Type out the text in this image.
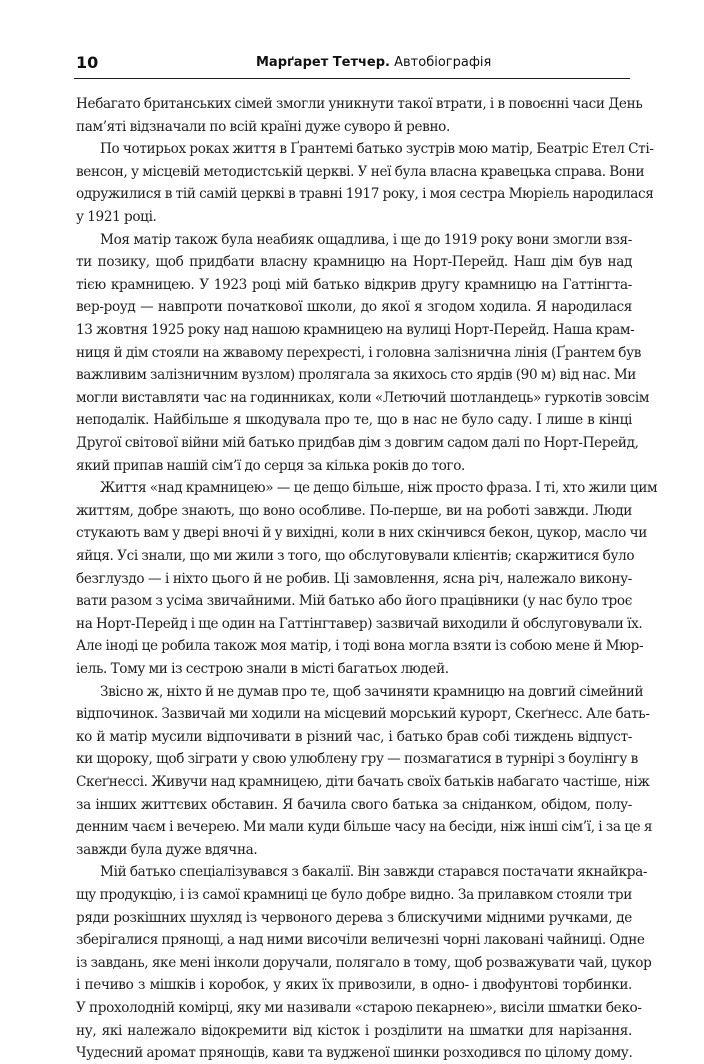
10	Марґарет Тетчер. Автобіографія
Небагато британських сімей змогли уникнути такої втрати, і в повоєнні часи День
пам’яті відзначали по всій країні дуже суворо й ревно.
По чотирьох роках життя в Ґрантемі батько зустрів мою матір, Беатріс Етел Сті-
венсон, у місцевій методистській церкві. У неї була власна кравецька справа. Вони
одружилися в тій самій церкві в травні 1917 року, і моя сестра Мюріель народилася
у 1921 році.
Моя матір також була неабияк ощадлива, і ще до 1919 року вони змогли взя-
ти позику, щоб придбати власну крамницю на Норт-Перейд. Наш дім був над
тією крамницею. У 1923 році мій батько відкрив другу крамницю на Гаттінгта-
вер-роуд — навпроти початкової школи, до якої я згодом ходила. Я народилася
13 жовтня 1925 року над нашою крамницею на вулиці Норт-Перейд. Наша крам-
ниця й дім стояли на жвавому перехресті, і головна залізнична лінія (Ґрантем був
важливим залізничним вузлом) пролягала за якихось сто ярдів (90 м) від нас. Ми
могли виставляти час на годинниках, коли «Летючий шотландець» гуркотів зовсім
неподалік. Найбільше я шкодувала про те, що в нас не було саду. І лише в кінці
Другої світової війни мій батько придбав дім з довгим садом далі по Норт-Перейд,
який припав нашій сім’ї до серця за кілька років до того.
Життя «над крамницею» — це дещо більше, ніж просто фраза. І ті, хто жили цим
життям, добре знають, що воно особливе. По-перше, ви на роботі завжди. Люди
стукають вам у двері вночі й у вихідні, коли в них скінчився бекон, цукор, масло чи
яйця. Усі знали, що ми жили з того, що обслуговували клієнтів; скаржитися було
безглуздо — і ніхто цього й не робив. Ці замовлення, ясна річ, належало викону-
вати разом з усіма звичайними. Мій батько або його працівники (у нас було троє
на Норт-Перейд і ще один на Гаттінгтавер) зазвичай виходили й обслуговували їх.
Але іноді це робила також моя матір, і тоді вона могла взяти із собою мене й Мюр-
іель. Тому ми із сестрою знали в місті багатьох людей.
Звісно ж, ніхто й не думав про те, щоб зачиняти крамницю на довгий сімейний
відпочинок. Зазвичай ми ходили на місцевий морський курорт, Скеґнесс. Але бать-
ко й матір мусили відпочивати в різний час, і батько брав собі тиждень відпуст-
ки щороку, щоб зіграти у свою улюблену гру — позмагатися в турнірі з боулінгу в
Скеґнессі. Живучи над крамницею, діти бачать своїх батьків набагато частіше, ніж
за інших життєвих обставин. Я бачила свого батька за сніданком, обідом, полу-
денним чаєм і вечерею. Ми мали куди більше часу на бесіди, ніж інші сім’ї, і за це я
завжди була дуже вдячна.
Мій батько спеціалізувався з бакалії. Він завжди старався постачати якнайкра-
щу продукцію, і із самої крамниці це було добре видно. За прилавком стояли три
ряди розкішних шухляд із червоного дерева з блискучими мідними ручками, де
зберігалися прянощі, а над ними височіли величезні чорні лаковані чайниці. Одне
із завдань, яке мені інколи доручали, полягало в тому, щоб розважувати чай, цукор
і печиво з мішків і коробок, у яких їх привозили, в одно- і двофунтові торбинки.
У прохолодній комірці, яку ми називали «старою пекарнею», висіли шматки беко-
ну, які належало відокремити від кісток і розділити на шматки для нарізання.
Чудесний аромат прянощів, кави та вудженої шинки розходився по цілому дому.
